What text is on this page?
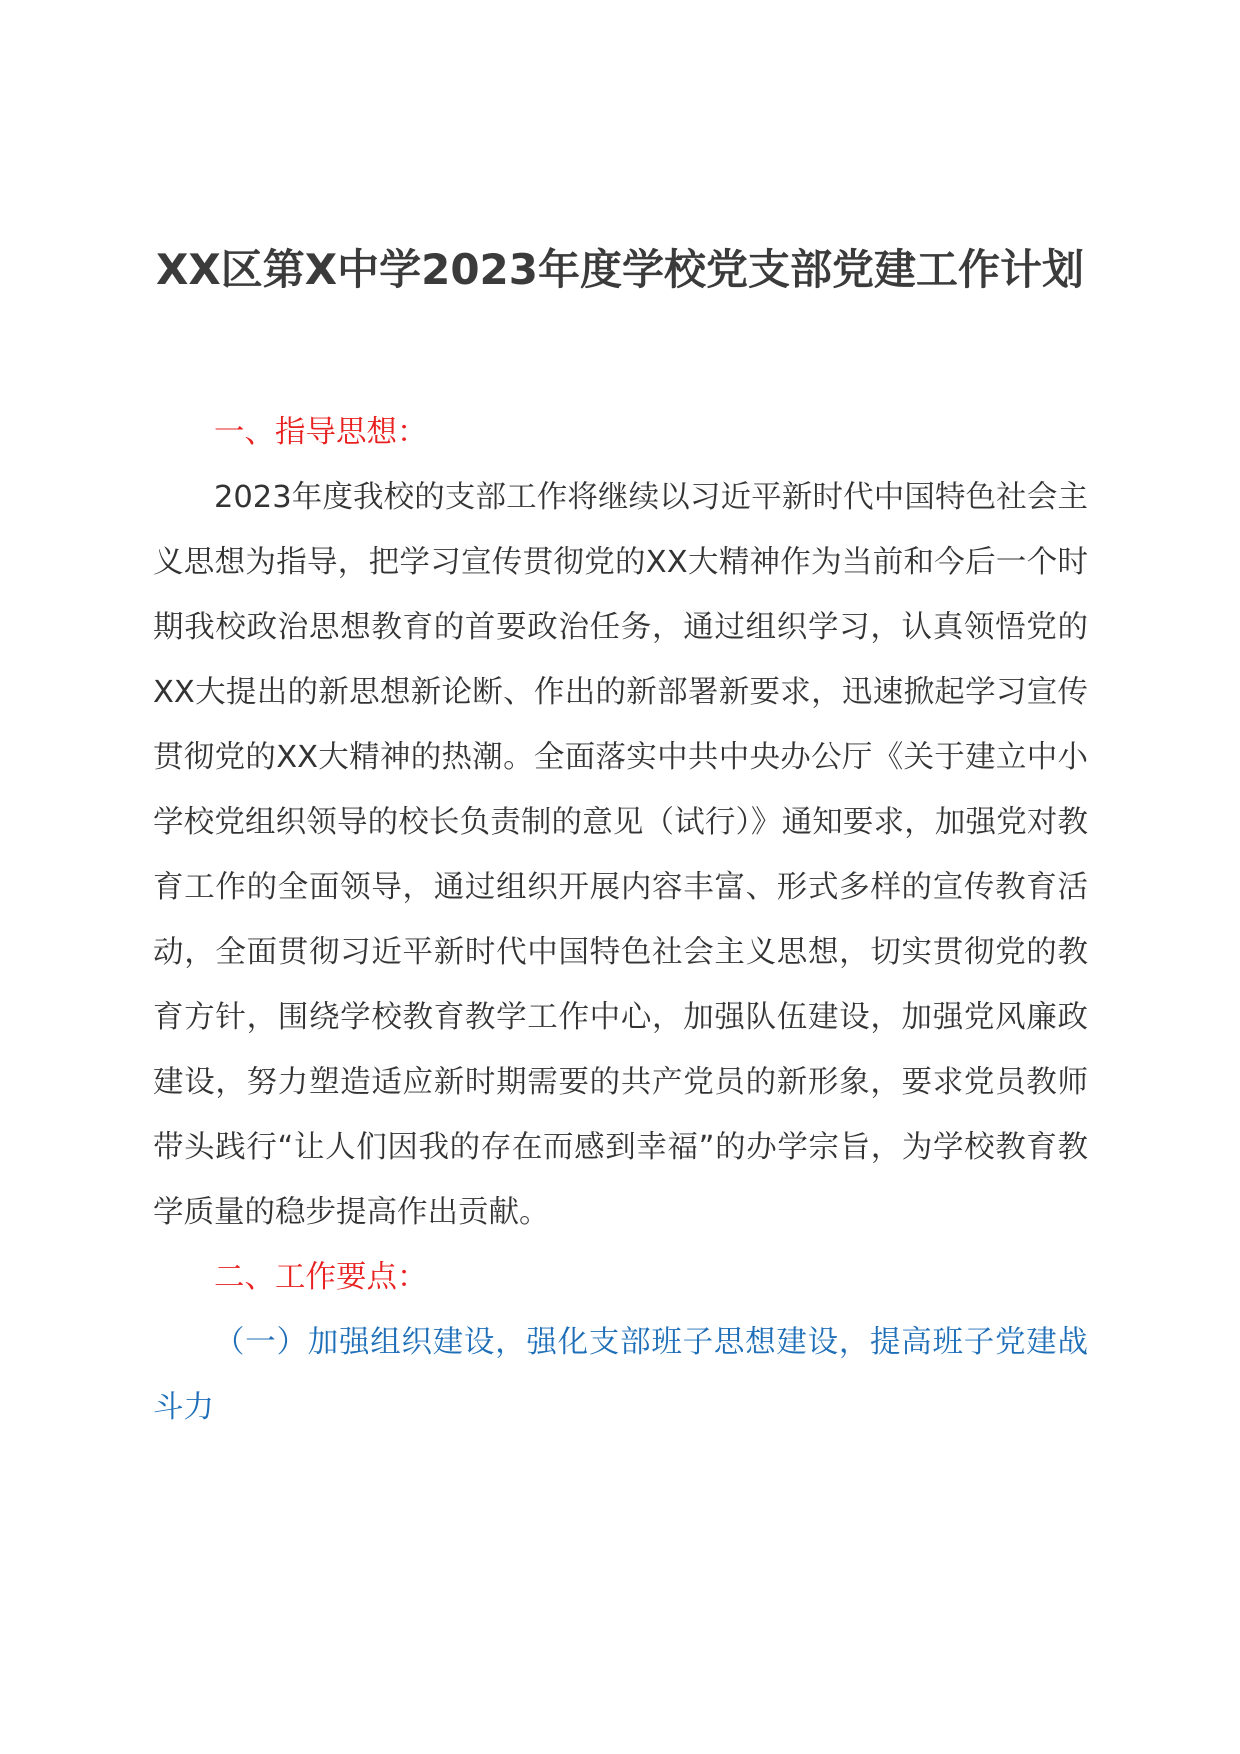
XX区第X中学2023年度学校党支部党建工作计划

一、指导思想：

2023年度我校的支部工作将继续以习近平新时代中国特色社会主义思想为指导，把学习宣传贯彻党的XX大精神作为当前和今后一个时期我校政治思想教育的首要政治任务，通过组织学习，认真领悟党的XX大提出的新思想新论断、作出的新部署新要求，迅速掀起学习宣传贯彻党的XX大精神的热潮。全面落实中共中央办公厅《关于建立中小学校党组织领导的校长负责制的意见（试行）》通知要求，加强党对教育工作的全面领导，通过组织开展内容丰富、形式多样的宣传教育活动，全面贯彻习近平新时代中国特色社会主义思想，切实贯彻党的教育方针，围绕学校教育教学工作中心，加强队伍建设，加强党风廉政建设，努力塑造适应新时期需要的共产党员的新形象，要求党员教师带头践行“让人们因我的存在而感到幸福”的办学宗旨，为学校教育教学质量的稳步提高作出贡献。

二、工作要点：

（一）加强组织建设，强化支部班子思想建设，提高班子党建战斗力
